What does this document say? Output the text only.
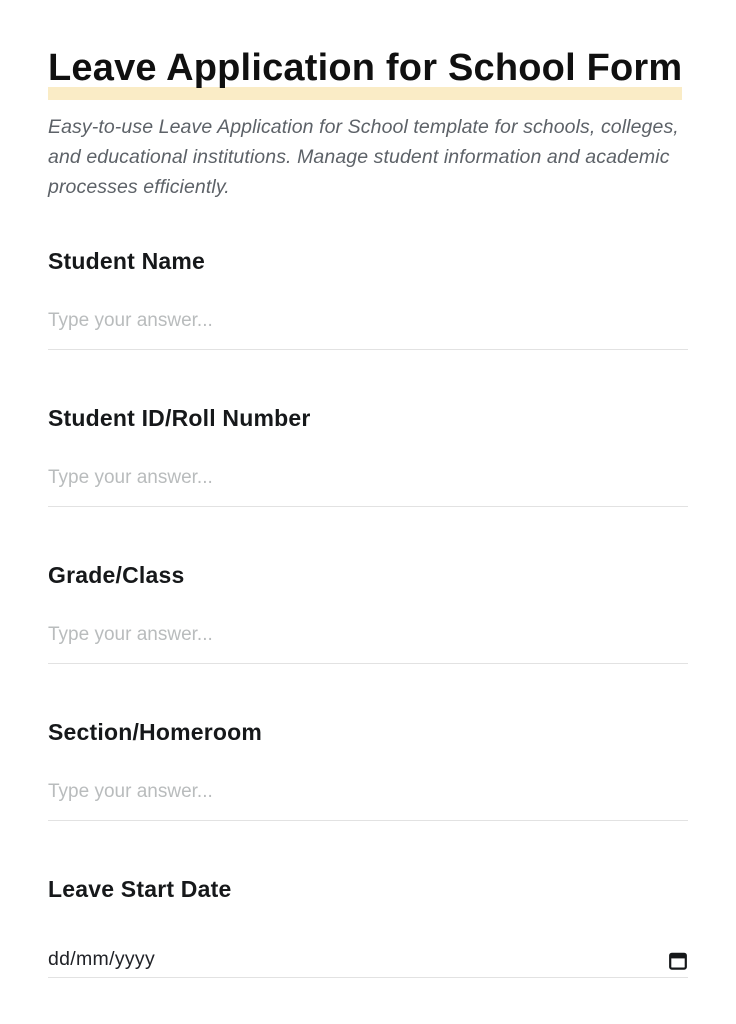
Leave Application for School Form

Easy-to-use Leave Application for School template for schools, colleges, and educational institutions. Manage student information and academic processes efficiently.

Student Name
Type your answer...
Student ID/Roll Number
Type your answer...
Grade/Class
Type your answer...
Section/Homeroom
Type your answer...
Leave Start Date
dd/mm/yyyy
